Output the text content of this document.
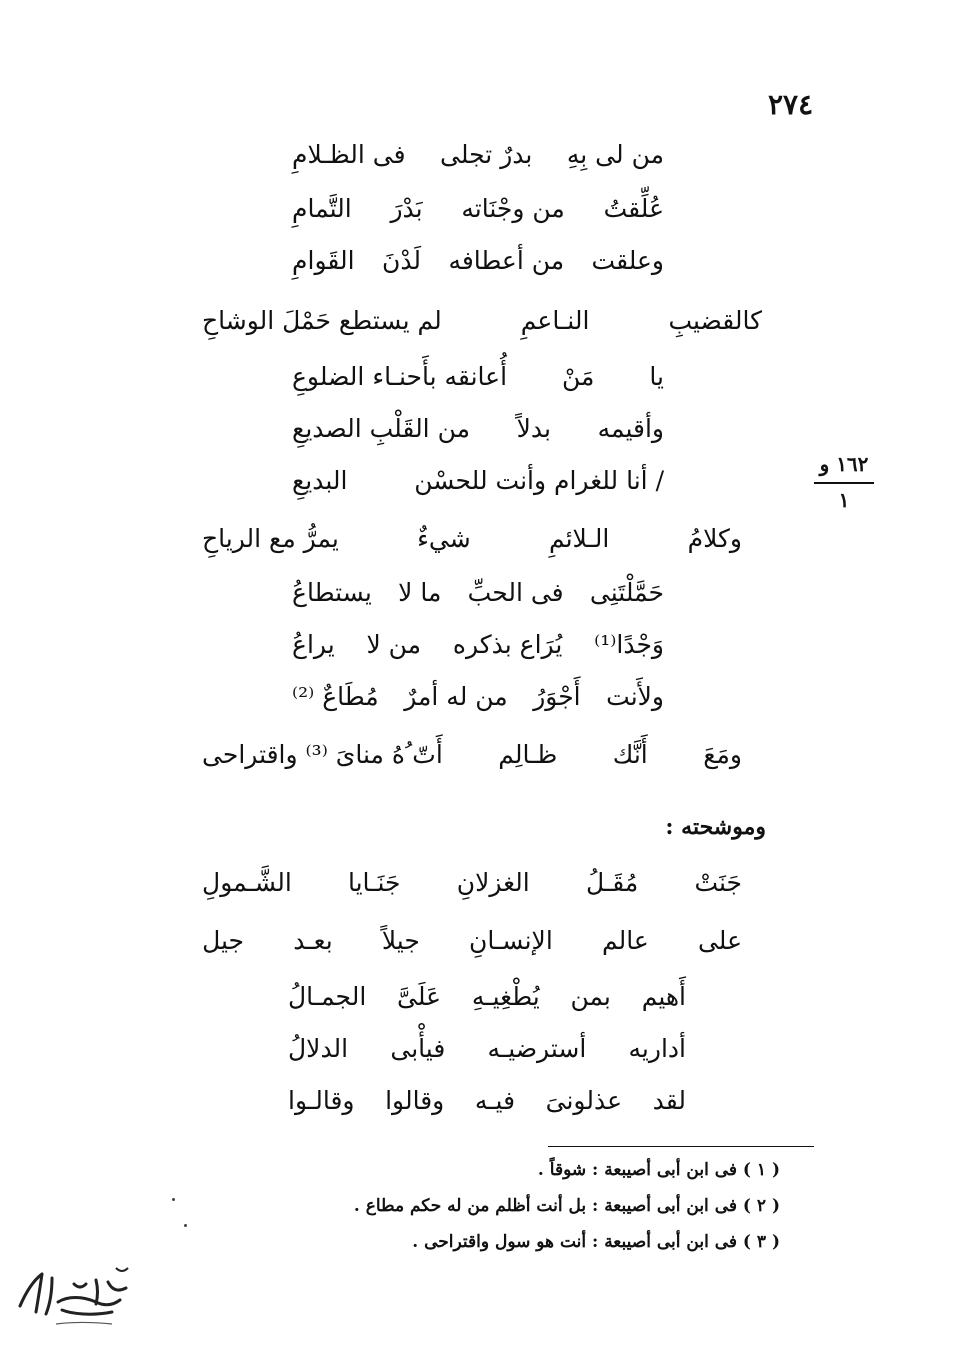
٢٧٤
١٦٢ و
١
من لى بِهِ
بدرٌ تجلى
فى الظـلامِ
عُلِّقتُ
من وجْنَاته
بَدْرَ
التَّمامِ
وعلقت
من أعطافه
لَدْنَ
القَوامِ
كالقضيبِ
النـاعمِ
لم يستطع حَمْلَ الوشاحِ
يا
مَنْ
أُعانقه بأَحنـاء الضلوعِ
وأقيمه
بدلاً
من القَلْبِ الصديعِ
/ أنا للغرام وأنت للحسْن
البديعِ
وكلامُ
الـلائمِ
شيءٌ
يمرُّ مع الرياحِ
حَمَّلْتَنِى
فى الحبِّ
ما لا
يستطاعُ
وَجْدًا⁽¹⁾
يُرَاع بذكره
من لا
يراعُ
ولأَنت
أَجْوَرُ
من له أمرٌ
مُطَاعٌ ⁽²⁾
ومَعَ
أَنَّك
ظـالِم
أَتّ ُهُ مناىَ ⁽³⁾ واقتراحى
وموشحته :
جَنَتْ
مُقَـلُ
الغزلانِ
جَنَـايا
الشَّـمولِ
على
عالم
الإنسـانِ
جيلاً
بعـد
جيل
أَهيم
بمن
يُطْغِيـهِ
عَلَىَّ
الجمـالُ
أداريه
أسترضيـه
فيأْبى
الدلالُ
لقد
عذلونىَ
فيـه
وقالوا
وقالـوا
( ١ ) فى ابن أبى أصيبعة : شوقاً .
( ٢ ) فى ابن أبى أصيبعة : بل أنت أظلم من له حكم مطاع .
( ٣ ) فى ابن أبى أصيبعة : أنت هو سول واقتراحى .
